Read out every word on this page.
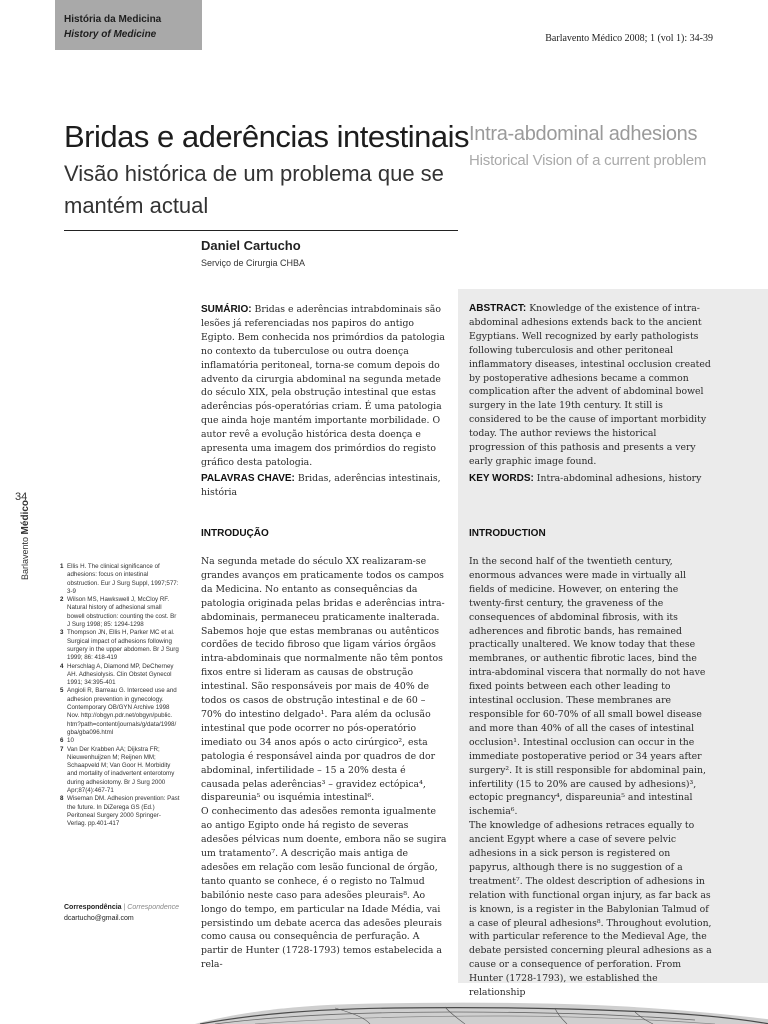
História da Medicina
History of Medicine	Barlavento Médico 2008; 1 (vol 1): 34-39
Bridas e aderências intestinais
Visão histórica de um problema que se mantém actual
Intra-abdominal adhesions
Historical Vision of a current problem
Daniel Cartucho
Serviço de Cirurgia CHBA
SUMÁRIO: Bridas e aderências intrabdominais são lesões já referenciadas nos papiros do antigo Egipto. Bem conhecida nos primórdios da patologia no contexto da tuberculose ou outra doença inflamatória peritoneal, torna-se comum depois do advento da cirurgia abdominal na segunda metade do século XIX, pela obstrução intestinal que estas aderências pós-operatórias criam. É uma patologia que ainda hoje mantém importante morbilidade. O autor revê a evolução histórica desta doença e apresenta uma imagem dos primórdios do registo gráfico desta patologia.
PALAVRAS CHAVE: Bridas, aderências intestinais, história
ABSTRACT: Knowledge of the existence of intra-abdominal adhesions extends back to the ancient Egyptians. Well recognized by early pathologists following tuberculosis and other peritoneal inflammatory diseases, intestinal occlusion created by postoperative adhesions became a common complication after the advent of abdominal bowel surgery in the late 19th century. It still is considered to be the cause of important morbidity today. The author reviews the historical progression of this pathosis and presents a very early graphic image found.
KEY WORDS: Intra-abdominal adhesions, history
INTRODUÇÃO	INTRODUCTION

Na segunda metade do século XX realizaram-se grandes avanços em praticamente todos os campos da Medicina. No entanto as consequências da patologia originada pelas bridas e aderências intra-abdominais, permaneceu praticamente inalterada. Sabemos hoje que estas membranas ou autênticos cordões de tecido fibroso que ligam vários órgãos intra-abdominais que normalmente não têm pontos fixos entre si lideram as causas de obstrução intestinal. São responsáveis por mais de 40% de todos os casos de obstrução intestinal e de 60 – 70% do intestino delgado¹. Para além da oclusão intestinal que pode ocorrer no pós-operatório imediato ou 34 anos após o acto cirúrgico², esta patologia é responsável ainda por quadros de dor abdominal, infertilidade – 15 a 20% desta é causada pelas aderências³ – gravidez ectópica⁴, dispareunia⁵ ou isquémia intestinal⁶.

O conhecimento das adesões remonta igualmente ao antigo Egipto onde há registo de severas adesões pélvicas num doente, embora não se sugira um tratamento⁷. A descrição mais antiga de adesões em relação com lesão funcional de órgão, tanto quanto se conhece, é o registo no Talmud babilónio neste caso para adesões pleurais⁸. Ao longo do tempo, em particular na Idade Média, vai persistindo um debate acerca das adesões pleurais como causa ou consequência de perfuração. A partir de Hunter (1728-1793) temos estabelecida a rela-

In the second half of the twentieth century, enormous advances were made in virtually all fields of medicine. However, on entering the twenty-first century, the graveness of the consequences of abdominal fibrosis, with its adherences and fibrotic bands, has remained practically unaltered. We know today that these membranes, or authentic fibrotic laces, bind the intra-abdominal viscera that normally do not have fixed points between each other leading to intestinal occlusion. These membranes are responsible for 60-70% of all small bowel disease and more than 40% of all the cases of intestinal occlusion¹. Intestinal occlusion can occur in the immediate postoperative period or 34 years after surgery². It is still responsible for abdominal pain, infertility (15 to 20% are caused by adhesions)³, ectopic pregnancy⁴, dispareunia⁵ and intestinal ischemia⁶.

The knowledge of adhesions retraces equally to ancient Egypt where a case of severe pelvic adhesions in a sick person is registered on papyrus, although there is no suggestion of a treatment⁷. The oldest description of adhesions in relation with functional organ injury, as far back as is known, is a register in the Babylonian Talmud of a case of pleural adhesions⁸. Throughout evolution, with particular reference to the Medieval Age, the debate persisted concerning pleural adhesions as a cause or a consequence of perforation. From Hunter (1728-1793), we established the relationship

34
Barlavento Médico
1 Ellis H. The clinical significance of adhesions: focus on intestinal obstruction. Eur J Surg Suppl, 1997;577: 3-9
2 Wilson MS, Hawkswell J, McCloy RF. Natural history of adhesional small bowell obstruction: counting the cost. Br J Surg 1998; 85: 1294-1298
3 Thompson JN, Ellis H, Parker MC et al. Surgical impact of adhesions following surgery in the upper abdomen. Br J Surg 1999; 86: 418-419
4 Herschlag A, Diamond MP, DeCherney AH. Adhesiolysis. Clin Obstet Gynecol 1991; 34:395-401
5 Angioli R, Barreau G. Interceed use and adhesion prevention in gynecology. Contemporary OB/GYN Archive 1998 Nov. http://obgyn.pdr.net/obgyn/public. htm?path=content/journals/g/data/1998/ gba/gba096.html
6 10
7 Van Der Krabben AA; Dijkstra FR; Nieuwenhuijzen M; Reijnen MM; Schaapveld M; Van Goor H. Morbidity and mortality of inadvertent enterotomy during adhesiotomy. Br J Surg 2000 Apr;87(4):467-71
8 Wiseman DM. Adhesion prevention: Past the future. In DiZerega GS (Ed.) Peritoneal Surgery 2000 Springer-Verlag. pp.401-417
Correspondência | Correspondence
dcartucho@gmail.com
